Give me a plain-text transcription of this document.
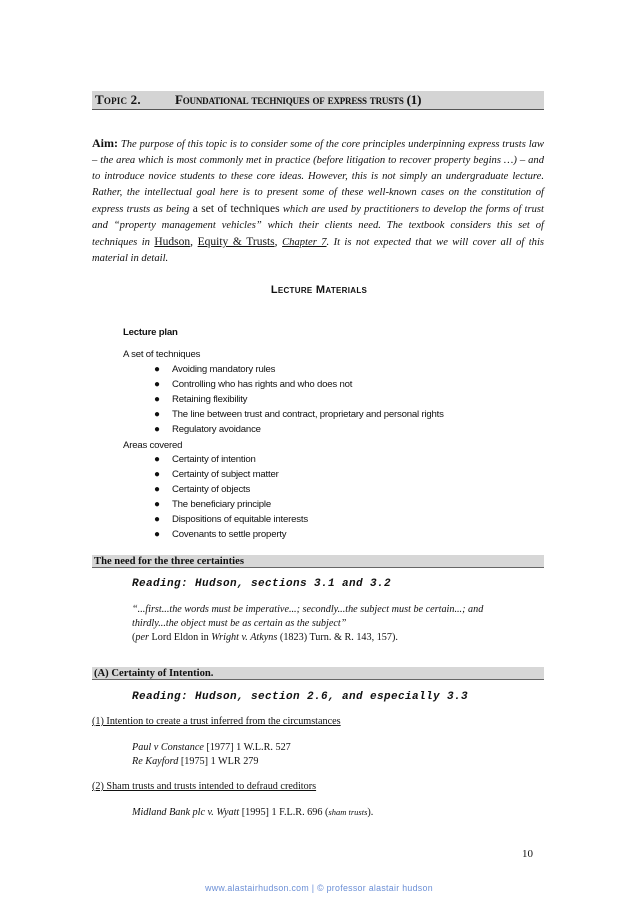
Topic 2.	Foundational techniques of express trusts (1)
Aim: The purpose of this topic is to consider some of the core principles underpinning express trusts law – the area which is most commonly met in practice (before litigation to recover property begins …) – and to introduce novice students to these core ideas. However, this is not simply an undergraduate lecture. Rather, the intellectual goal here is to present some of these well-known cases on the constitution of express trusts as being a set of techniques which are used by practitioners to develop the forms of trust and “property management vehicles” which their clients need. The textbook considers this set of techniques in Hudson, Equity & Trusts, Chapter 7. It is not expected that we will cover all of this material in detail.
Lecture Materials
Lecture plan
A set of techniques
● Avoiding mandatory rules
● Controlling who has rights and who does not
● Retaining flexibility
● The line between trust and contract, proprietary and personal rights
● Regulatory avoidance
Areas covered
● Certainty of intention
● Certainty of subject matter
● Certainty of objects
● The beneficiary principle
● Dispositions of equitable interests
● Covenants to settle property
The need for the three certainties
Reading: Hudson, sections 3.1 and 3.2
“...first...the words must be imperative...; secondly...the subject must be certain...; and
thirdly...the object must be as certain as the subject”
(per Lord Eldon in Wright v. Atkyns (1823) Turn. & R. 143, 157).
(A) Certainty of Intention.
Reading: Hudson, section 2.6, and especially 3.3
(1) Intention to create a trust inferred from the circumstances
Paul v Constance [1977] 1 W.L.R. 527
Re Kayford [1975] 1 WLR 279
(2) Sham trusts and trusts intended to defraud creditors
Midland Bank plc v. Wyatt [1995] 1 F.L.R. 696 (sham trusts).
10
www.alastairhudson.com | © professor alastair hudson
